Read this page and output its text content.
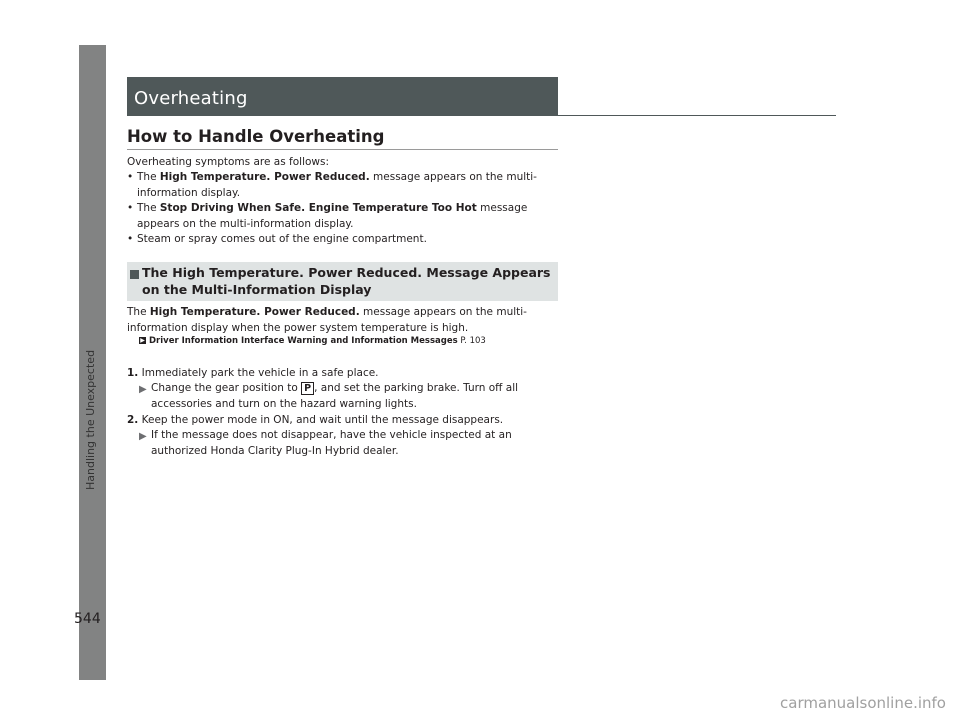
Handling the Unexpected
544
Overheating
How to Handle Overheating
Overheating symptoms are as follows:
• The High Temperature. Power Reduced. message appears on the multi-information display.
• The Stop Driving When Safe. Engine Temperature Too Hot message appears on the multi-information display.
• Steam or spray comes out of the engine compartment.
The High Temperature. Power Reduced. Message Appears
on the Multi-Information Display
The High Temperature. Power Reduced. message appears on the multi-information display when the power system temperature is high.
▶ Driver Information Interface Warning and Information Messages P. 103
1. Immediately park the vehicle in a safe place.
▶ Change the gear position to P , and set the parking brake. Turn off all accessories and turn on the hazard warning lights.
2. Keep the power mode in ON, and wait until the message disappears.
▶ If the message does not disappear, have the vehicle inspected at an authorized Honda Clarity Plug-In Hybrid dealer.
carmanualsonline.info
